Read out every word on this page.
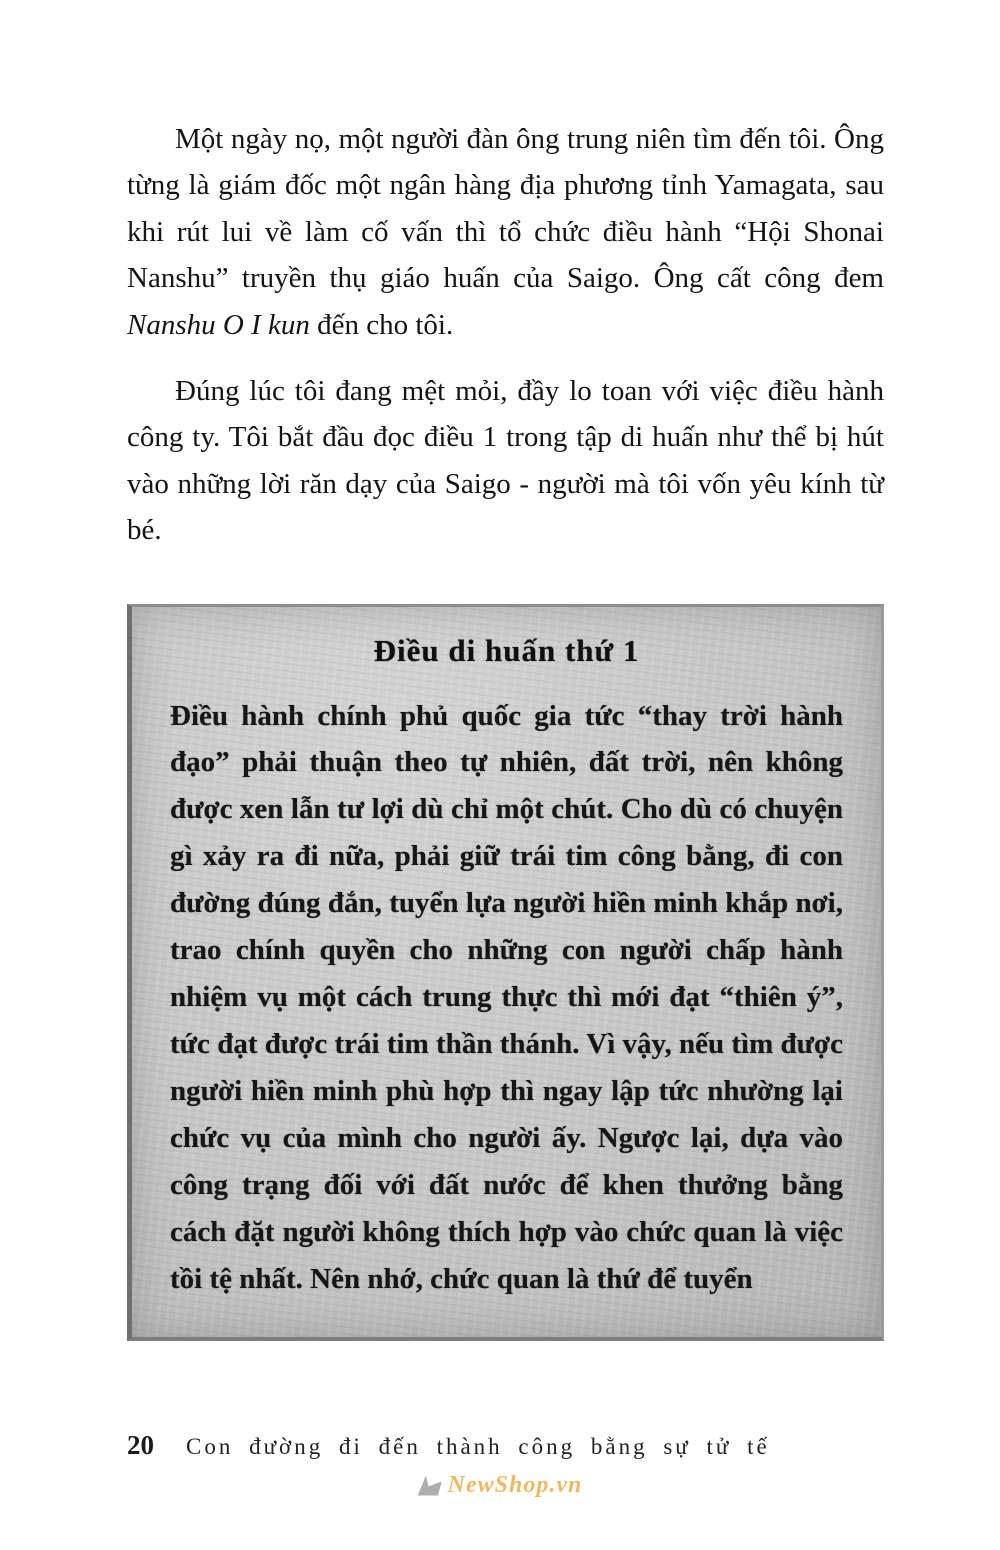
Một ngày nọ, một người đàn ông trung niên tìm đến tôi. Ông từng là giám đốc một ngân hàng địa phương tỉnh Yamagata, sau khi rút lui về làm cố vấn thì tổ chức điều hành “Hội Shonai Nanshu” truyền thụ giáo huấn của Saigo. Ông cất công đem Nanshu O I kun đến cho tôi.

Đúng lúc tôi đang mệt mỏi, đầy lo toan với việc điều hành công ty. Tôi bắt đầu đọc điều 1 trong tập di huấn như thể bị hút vào những lời răn dạy của Saigo - người mà tôi vốn yêu kính từ bé.

Điều di huấn thứ 1

Điều hành chính phủ quốc gia tức “thay trời hành đạo” phải thuận theo tự nhiên, đất trời, nên không được xen lẫn tư lợi dù chỉ một chút. Cho dù có chuyện gì xảy ra đi nữa, phải giữ trái tim công bằng, đi con đường đúng đắn, tuyển lựa người hiền minh khắp nơi, trao chính quyền cho những con người chấp hành nhiệm vụ một cách trung thực thì mới đạt “thiên ý”, tức đạt được trái tim thần thánh. Vì vậy, nếu tìm được người hiền minh phù hợp thì ngay lập tức nhường lại chức vụ của mình cho người ấy. Ngược lại, dựa vào công trạng đối với đất nước để khen thưởng bằng cách đặt người không thích hợp vào chức quan là việc tồi tệ nhất. Nên nhớ, chức quan là thứ để tuyển

20 Con đường đi đến thành công bằng sự tử tế
NewShop.vn
